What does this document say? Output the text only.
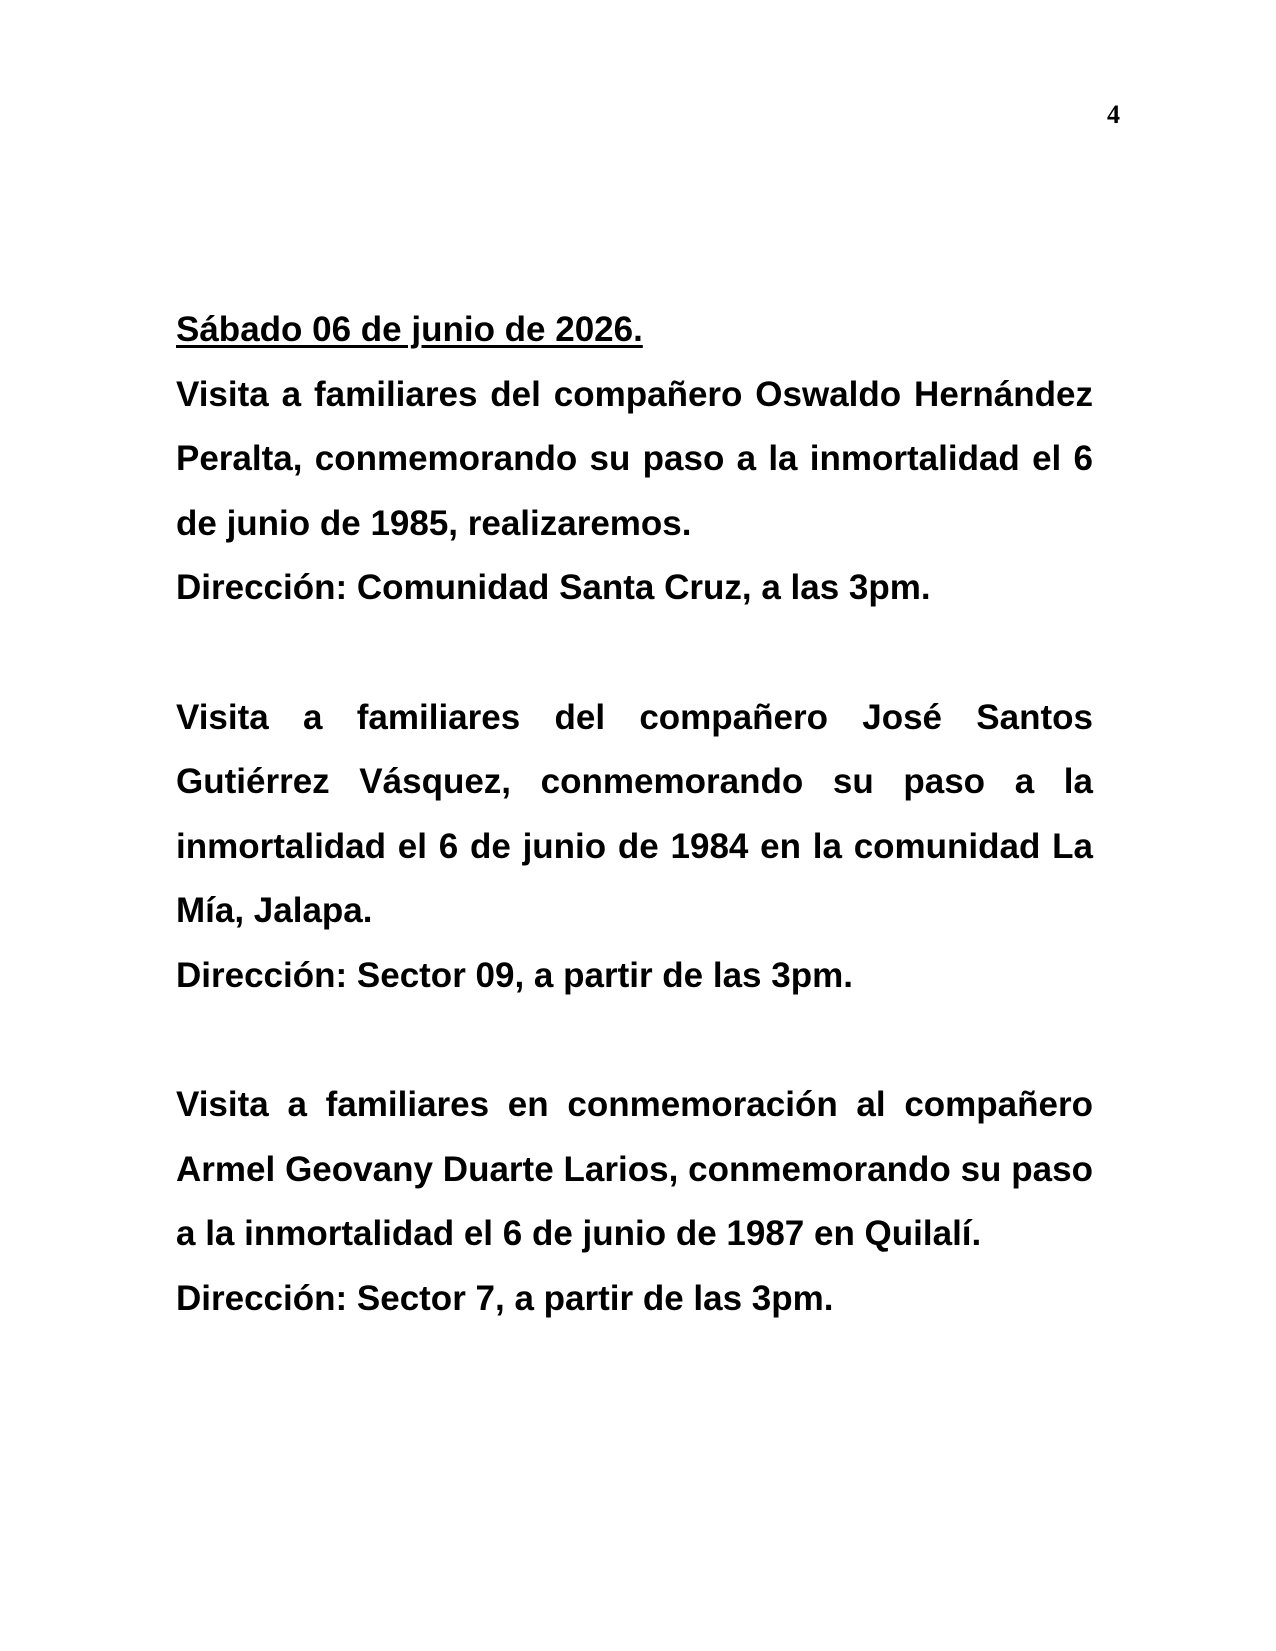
4
Sábado 06 de junio de 2026.
Visita a familiares del compañero Oswaldo Hernández Peralta, conmemorando su paso a la inmortalidad el 6 de junio de 1985, realizaremos.
Dirección: Comunidad Santa Cruz, a las 3pm.
Visita a familiares del compañero José Santos Gutiérrez Vásquez, conmemorando su paso a la inmortalidad el 6 de junio de 1984 en la comunidad La Mía, Jalapa.
Dirección: Sector 09, a partir de las 3pm.
Visita a familiares en conmemoración al compañero Armel Geovany Duarte Larios, conmemorando su paso a la inmortalidad el 6 de junio de 1987 en Quilalí.
Dirección: Sector 7, a partir de las 3pm.
